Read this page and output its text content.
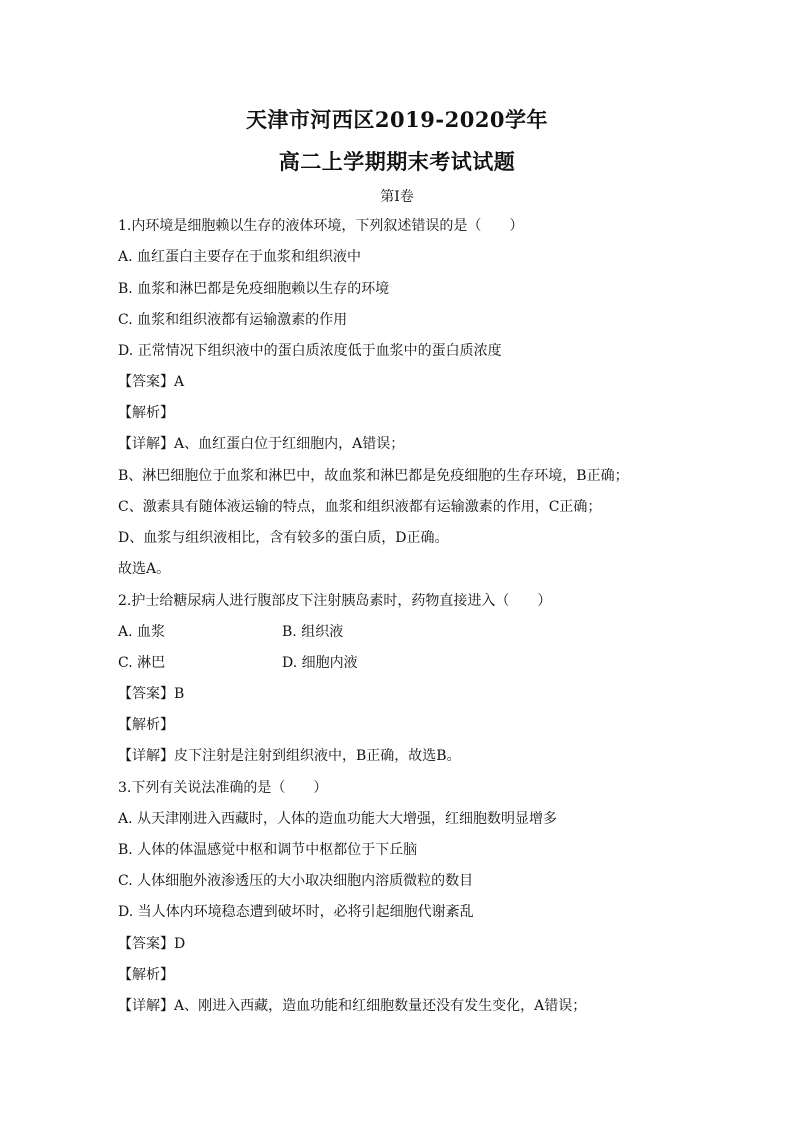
天津市河西区2019-2020学年
高二上学期期末考试试题
第Ⅰ卷
1.内环境是细胞赖以生存的液体环境，下列叙述错误的是（　　）
A. 血红蛋白主要存在于血浆和组织液中
B. 血浆和淋巴都是免疫细胞赖以生存的环境
C. 血浆和组织液都有运输激素的作用
D. 正常情况下组织液中的蛋白质浓度低于血浆中的蛋白质浓度
【答案】A
【解析】
【详解】A、血红蛋白位于红细胞内，A错误；
B、淋巴细胞位于血浆和淋巴中，故血浆和淋巴都是免疫细胞的生存环境，B正确；
C、激素具有随体液运输的特点，血浆和组织液都有运输激素的作用，C正确；
D、血浆与组织液相比，含有较多的蛋白质，D正确。
故选A。
2.护士给糖尿病人进行腹部皮下注射胰岛素时，药物直接进入（　　）
A. 血浆	B. 组织液
C. 淋巴	D. 细胞内液
【答案】B
【解析】
【详解】皮下注射是注射到组织液中，B正确，故选B。
3.下列有关说法准确的是（　　）
A. 从天津刚进入西藏时，人体的造血功能大大增强，红细胞数明显增多
B. 人体的体温感觉中枢和调节中枢都位于下丘脑
C. 人体细胞外液渗透压的大小取决细胞内溶质微粒的数目
D. 当人体内环境稳态遭到破坏时，必将引起细胞代谢紊乱
【答案】D
【解析】
【详解】A、刚进入西藏，造血功能和红细胞数量还没有发生变化，A错误；
